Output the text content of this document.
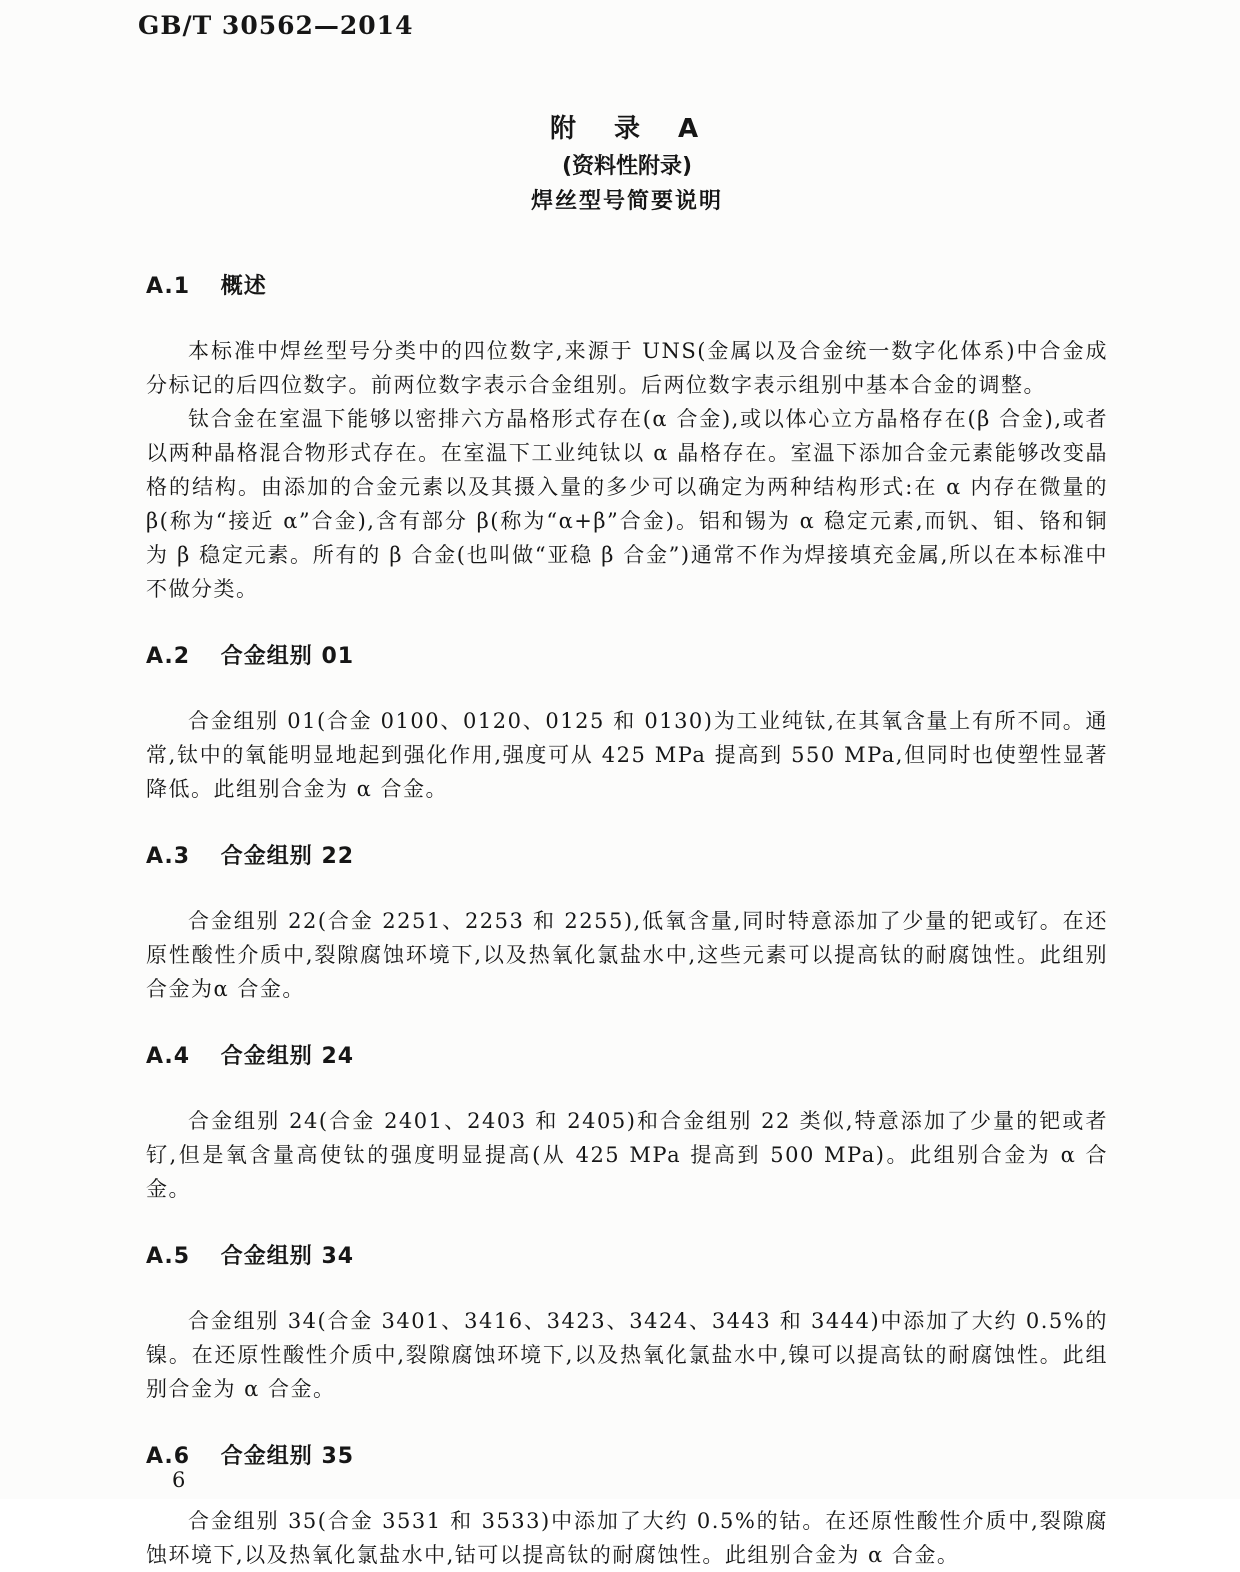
GB/T 30562—2014
附　录　A
(资料性附录)
焊丝型号简要说明
A.1 概述

本标准中焊丝型号分类中的四位数字,来源于 UNS(金属以及合金统一数字化体系)中合金成分标记的后四位数字。前两位数字表示合金组别。后两位数字表示组别中基本合金的调整。

钛合金在室温下能够以密排六方晶格形式存在(α 合金),或以体心立方晶格存在(β 合金),或者以两种晶格混合物形式存在。在室温下工业纯钛以 α 晶格存在。室温下添加合金元素能够改变晶格的结构。由添加的合金元素以及其摄入量的多少可以确定为两种结构形式:在 α 内存在微量的 β(称为“接近 α”合金),含有部分 β(称为“α+β”合金)。铝和锡为 α 稳定元素,而钒、钼、铬和铜为 β 稳定元素。所有的 β 合金(也叫做“亚稳 β 合金”)通常不作为焊接填充金属,所以在本标准中不做分类。

A.2 合金组别 01

合金组别 01(合金 0100、0120、0125 和 0130)为工业纯钛,在其氧含量上有所不同。通常,钛中的氧能明显地起到强化作用,强度可从 425 MPa 提高到 550 MPa,但同时也使塑性显著降低。此组别合金为 α 合金。

A.3 合金组别 22

合金组别 22(合金 2251、2253 和 2255),低氧含量,同时特意添加了少量的钯或钌。在还原性酸性介质中,裂隙腐蚀环境下,以及热氧化氯盐水中,这些元素可以提高钛的耐腐蚀性。此组别合金为α 合金。

A.4 合金组别 24

合金组别 24(合金 2401、2403 和 2405)和合金组别 22 类似,特意添加了少量的钯或者钌,但是氧含量高使钛的强度明显提高(从 425 MPa 提高到 500 MPa)。此组别合金为 α 合金。

A.5 合金组别 34

合金组别 34(合金 3401、3416、3423、3424、3443 和 3444)中添加了大约 0.5%的镍。在还原性酸性介质中,裂隙腐蚀环境下,以及热氧化氯盐水中,镍可以提高钛的耐腐蚀性。此组别合金为 α 合金。

A.6 合金组别 35

合金组别 35(合金 3531 和 3533)中添加了大约 0.5%的钴。在还原性酸性介质中,裂隙腐蚀环境下,以及热氧化氯盐水中,钴可以提高钛的耐腐蚀性。此组别合金为 α 合金。

6
